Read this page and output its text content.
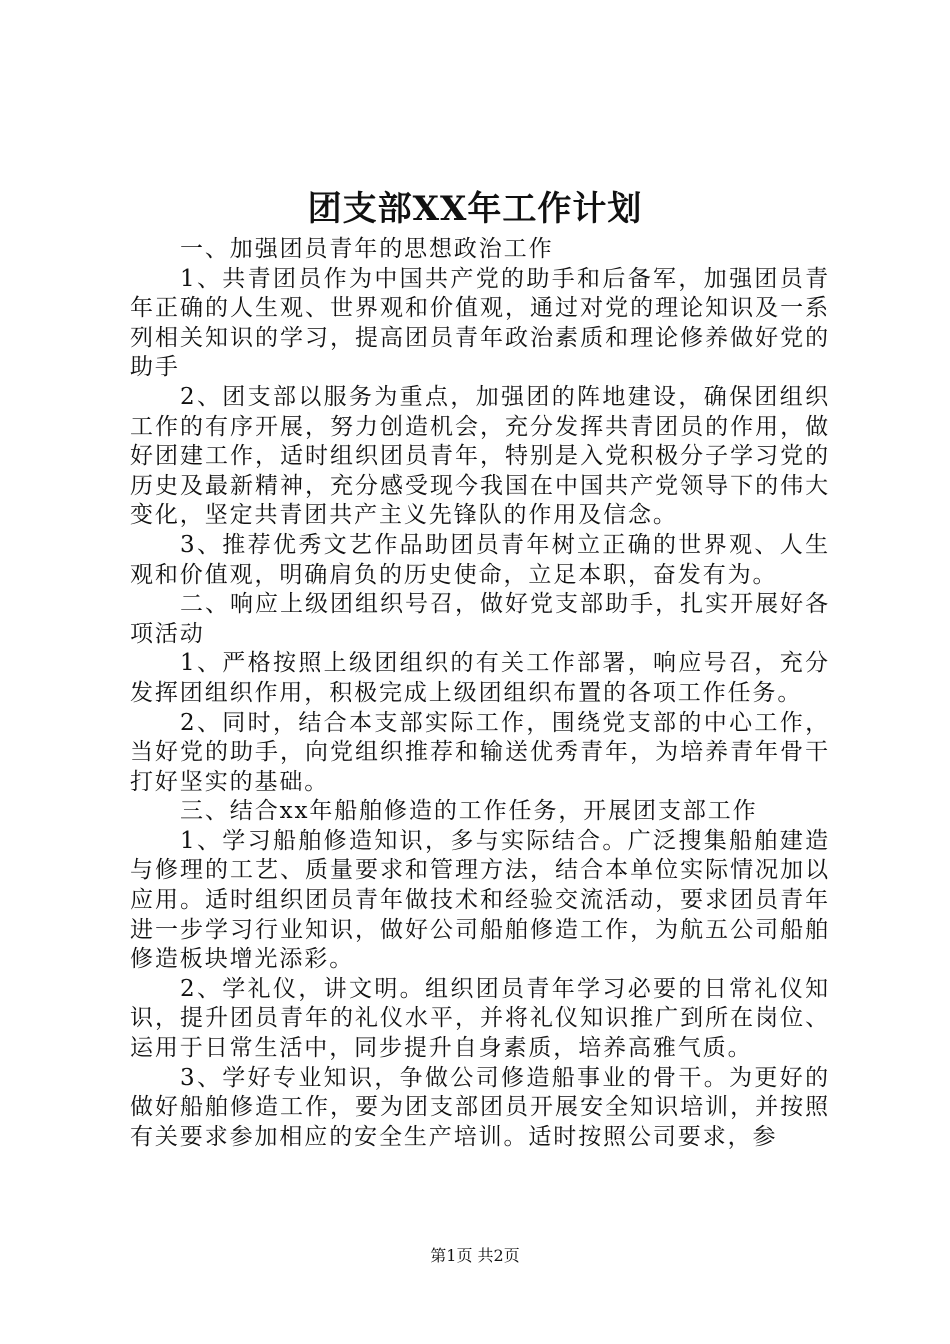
团支部XX年工作计划

一、加强团员青年的思想政治工作

1、共青团员作为中国共产党的助手和后备军，加强团员青年正确的人生观、世界观和价值观，通过对党的理论知识及一系列相关知识的学习，提高团员青年政治素质和理论修养做好党的助手

2、团支部以服务为重点，加强团的阵地建设，确保团组织工作的有序开展，努力创造机会，充分发挥共青团员的作用，做好团建工作，适时组织团员青年，特别是入党积极分子学习党的历史及最新精神，充分感受现今我国在中国共产党领导下的伟大变化，坚定共青团共产主义先锋队的作用及信念。

3、推荐优秀文艺作品助团员青年树立正确的世界观、人生观和价值观，明确肩负的历史使命，立足本职，奋发有为。

二、响应上级团组织号召，做好党支部助手，扎实开展好各项活动

1、严格按照上级团组织的有关工作部署，响应号召，充分发挥团组织作用，积极完成上级团组织布置的各项工作任务。

2、同时，结合本支部实际工作，围绕党支部的中心工作，当好党的助手，向党组织推荐和输送优秀青年，为培养青年骨干打好坚实的基础。

三、结合xx年船舶修造的工作任务，开展团支部工作

1、学习船舶修造知识，多与实际结合。广泛搜集船舶建造与修理的工艺、质量要求和管理方法，结合本单位实际情况加以应用。适时组织团员青年做技术和经验交流活动，要求团员青年进一步学习行业知识，做好公司船舶修造工作，为航五公司船舶修造板块增光添彩。

2、学礼仪，讲文明。组织团员青年学习必要的日常礼仪知识，提升团员青年的礼仪水平，并将礼仪知识推广到所在岗位、运用于日常生活中，同步提升自身素质，培养高雅气质。

3、学好专业知识，争做公司修造船事业的骨干。为更好的做好船舶修造工作，要为团支部团员开展安全知识培训，并按照有关要求参加相应的安全生产培训。适时按照公司要求，参

第1页 共2页
